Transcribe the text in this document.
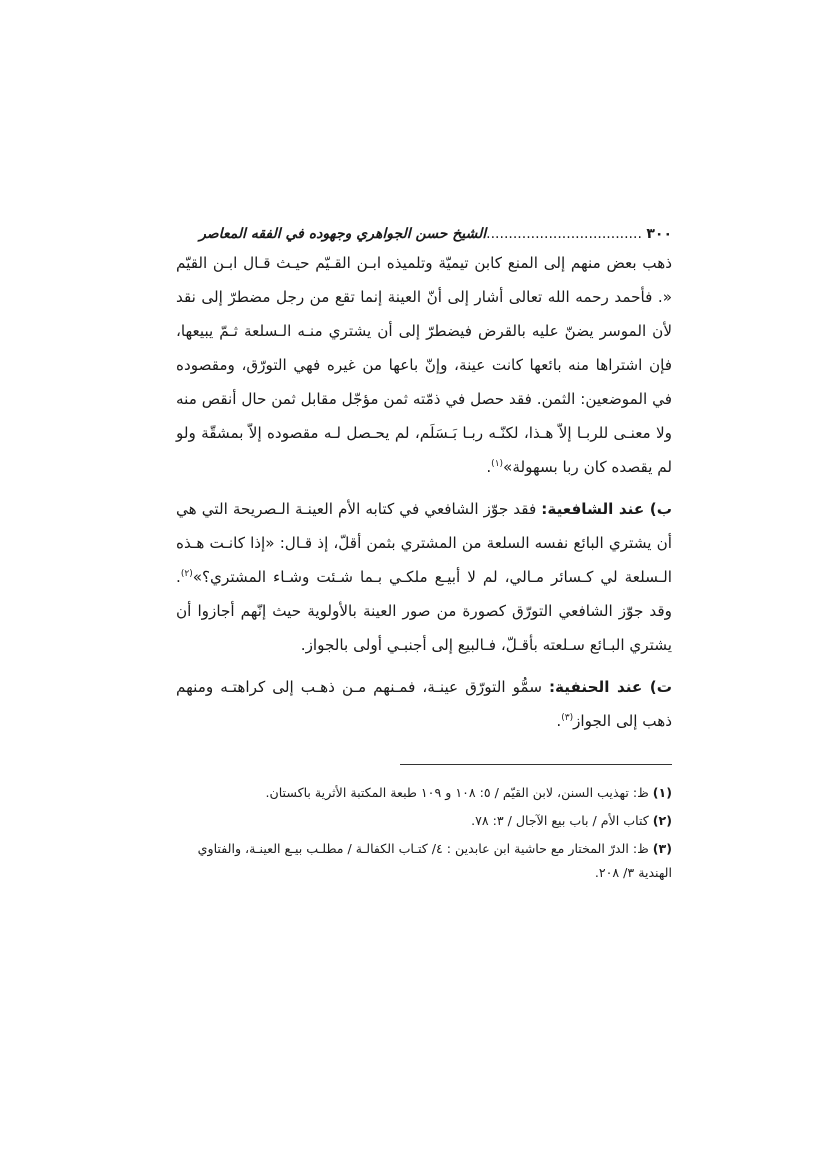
٣٠٠ ...................................الشيخ حسن الجواهري وجهوده في الفقه المعاصر

ذهب بعض منهم إلى المنع كابن تيميّة وتلميذه ابـن القـيّم حيـث قـال ابـن القيّم «. فأحمد رحمه الله تعالى أشار إلى أنّ العينة إنما تقع من رجل مضطرّ إلى نقد لأن الموسر يضنّ عليه بالقرض فيضطرّ إلى أن يشتري منـه الـسلعة ثـمّ يبيعها، فإن اشتراها منه بائعها كانت عينة، وإنّ باعها من غيره فهي التورّق، ومقصوده في الموضعين: الثمن. فقد حصل في ذمّته ثمن مؤجّل مقابل ثمن حال أنقص منه ولا معنـى للربـا إلاّ هـذا، لكنّـه ربـا بَـسَلَم، لم يحـصل لـه مقصوده إلاّ بمشقّة ولو لم يقصده كان ربا بسهولة»$^{(١)}$.

ب) عند الشافعية: فقد جوّز الشافعي في كتابه الأم العينـة الـصريحة التي هي أن يشتري البائع نفسه السلعة من المشتري بثمن أقلّ، إذ قـال: «إذا كانـت هـذه الـسلعة لي كـسائر مـالي، لم لا أبيـع ملكـي بـما شـئت وشـاء المشتري؟»$^{(٢)}$. وقد جوّز الشافعي التورّق كصورة من صور العينة بالأولوية حيث إنّهم أجازوا أن يشتري البـائع سـلعته بأقـلّ، فـالبيع إلى أجنبـي أولى بالجواز.

ت) عند الحنفية: سمُّو التورّق عينـة، فمـنهم مـن ذهـب إلى كراهتـه ومنهم ذهب إلى الجواز$^{(٣)}$.

(١) ظ: تهذيب السنن، لابن القيّم / ٥: ١٠٨ و ١٠٩ طبعة المكتبة الأثرية باكستان.

(٢) كتاب الأم / باب بيع الآجال / ٣: ٧٨.

(٣) ظ: الدرّ المختار مع حاشية ابن عابدين : ٤/ كتـاب الكفالـة / مطلـب بيـع العينـة، والفتاوي الهندية ٣/ ٢٠٨.
